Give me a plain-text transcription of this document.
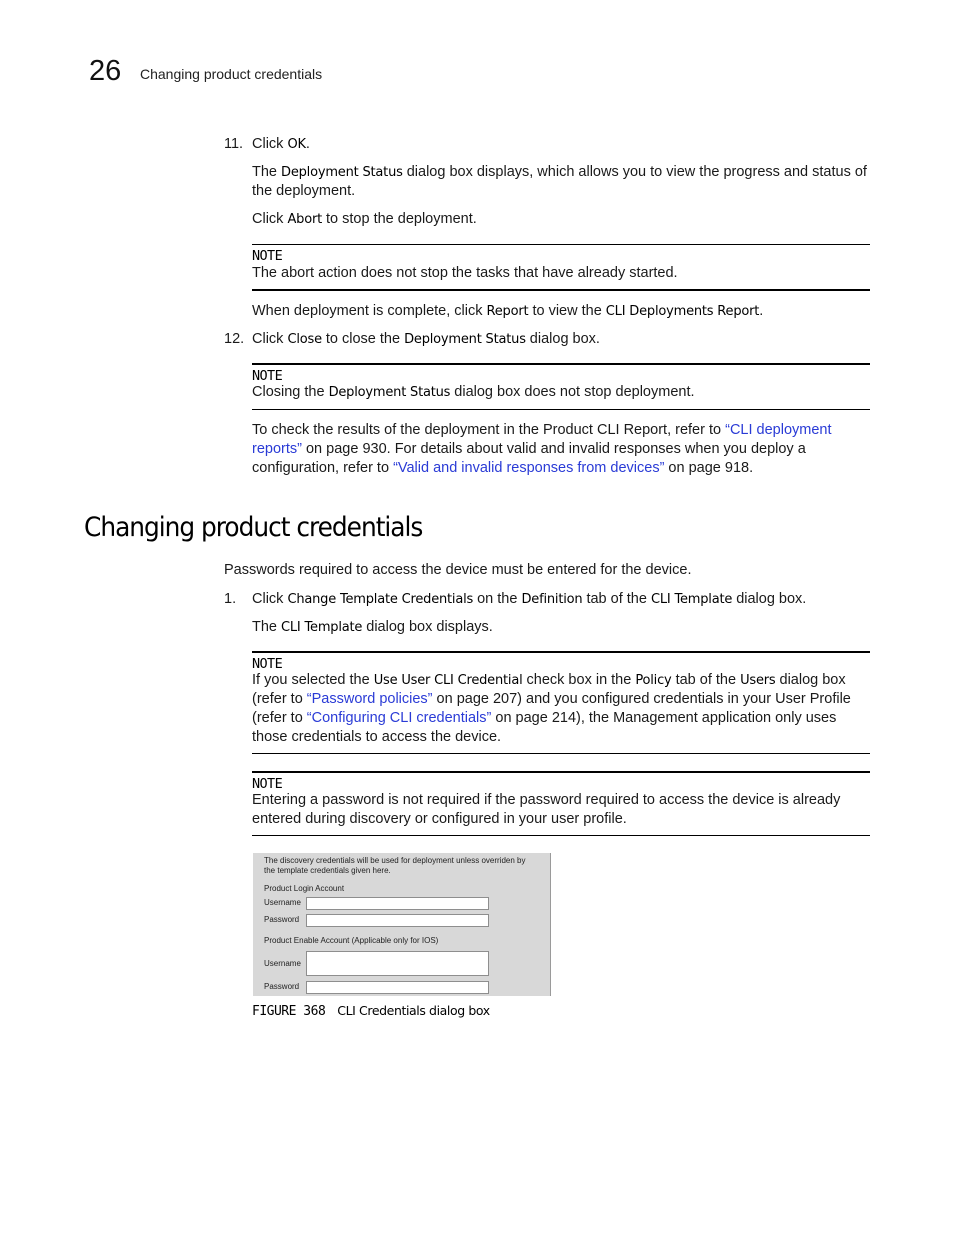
26 Changing product credentials
11. Click OK.
The Deployment Status dialog box displays, which allows you to view the progress and status of the deployment.
Click Abort to stop the deployment.
NOTE
The abort action does not stop the tasks that have already started.
When deployment is complete, click Report to view the CLI Deployments Report.
12. Click Close to close the Deployment Status dialog box.
NOTE
Closing the Deployment Status dialog box does not stop deployment.
To check the results of the deployment in the Product CLI Report, refer to “CLI deployment reports” on page 930. For details about valid and invalid responses when you deploy a configuration, refer to “Valid and invalid responses from devices” on page 918.
Changing product credentials
Passwords required to access the device must be entered for the device.
1. Click Change Template Credentials on the Definition tab of the CLI Template dialog box.
The CLI Template dialog box displays.
NOTE
If you selected the Use User CLI Credential check box in the Policy tab of the Users dialog box (refer to “Password policies” on page 207) and you configured credentials in your User Profile (refer to “Configuring CLI credentials” on page 214), the Management application only uses those credentials to access the device.
NOTE
Entering a password is not required if the password required to access the device is already entered during discovery or configured in your user profile.
The discovery credentials will be used for deployment unless overriden by
the template credentials given here.
Product Login Account
Username
Password
Product Enable Account (Applicable only for IOS)
Username
Password
FIGURE 368 CLI Credentials dialog box
